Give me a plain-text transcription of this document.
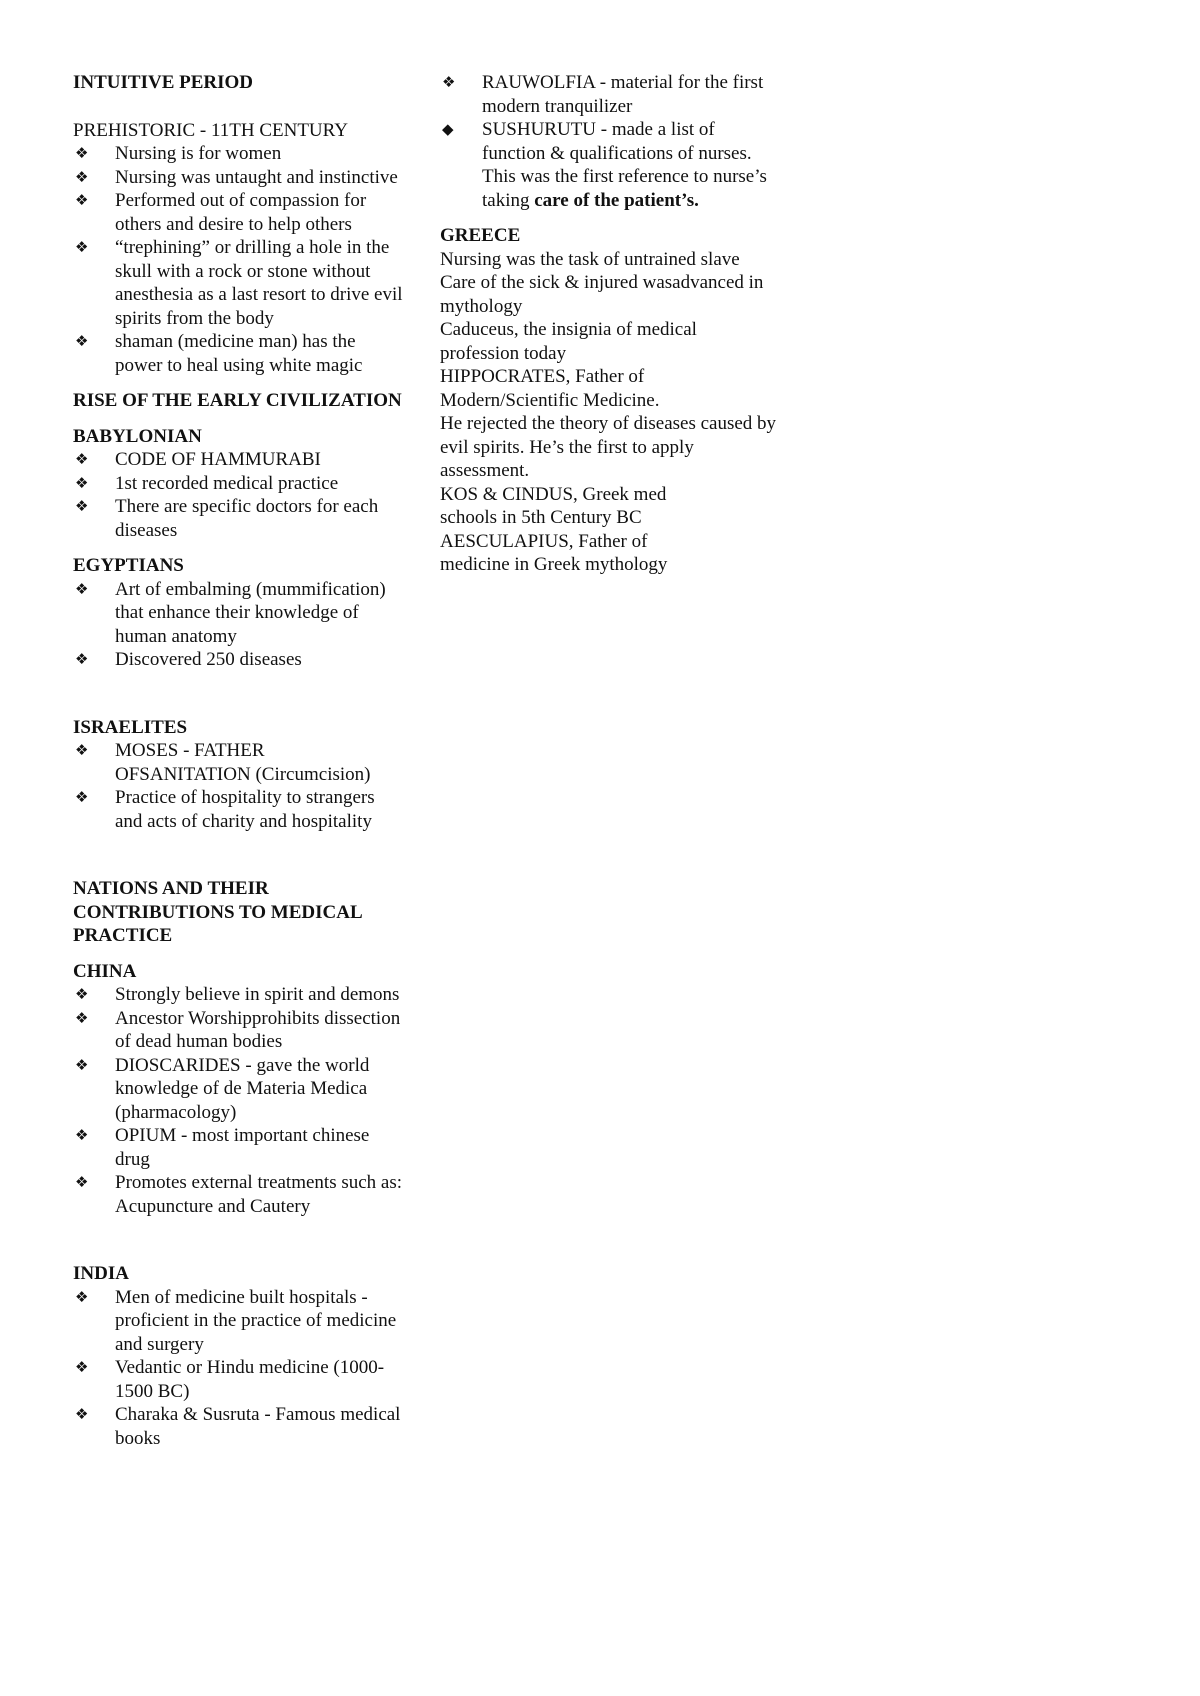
INTUITIVE PERIOD

PREHISTORIC - 11TH CENTURY

❖ Nursing is for women
❖ Nursing was untaught and instinctive
❖ Performed out of compassion for others and desire to help others
❖ “trephining” or drilling a hole in the skull with a rock or stone without anesthesia as a last resort to drive evil spirits from the body
❖ shaman (medicine man) has the power to heal using white magic

RISE OF THE EARLY CIVILIZATION

BABYLONIAN

❖ CODE OF HAMMURABI
❖ 1st recorded medical practice
❖ There are specific doctors for each diseases

EGYPTIANS

❖ Art of embalming (mummification) that enhance their knowledge of human anatomy
❖ Discovered 250 diseases

ISRAELITES

❖ MOSES - FATHER OFSANITATION (Circumcision)
❖ Practice of hospitality to strangers and acts of charity and hospitality

NATIONS AND THEIR CONTRIBUTIONS TO MEDICAL PRACTICE

CHINA

❖ Strongly believe in spirit and demons
❖ Ancestor Worshipprohibits dissection of dead human bodies
❖ DIOSCARIDES - gave the world knowledge of de Materia Medica (pharmacology)
❖ OPIUM - most important chinese drug
❖ Promotes external treatments such as: Acupuncture and Cautery

INDIA

❖ Men of medicine built hospitals - proficient in the practice of medicine and surgery
❖ Vedantic or Hindu medicine (1000-1500 BC)
❖ Charaka & Susruta - Famous medical books
❖ RAUWOLFIA - material for the first modern tranquilizer
◆ SUSHURUTU - made a list of function & qualifications of nurses. This was the first reference to nurse’s taking care of the patient’s.

GREECE

Nursing was the task of untrained slave

Care of the sick & injured wasadvanced in mythology

Caduceus, the insignia of medical profession today

HIPPOCRATES, Father of Modern/Scientific Medicine.

He rejected the theory of diseases caused by evil spirits. He’s the first to apply assessment.

KOS & CINDUS, Greek med schools in 5th Century BC

AESCULAPIUS, Father of medicine in Greek mythology
